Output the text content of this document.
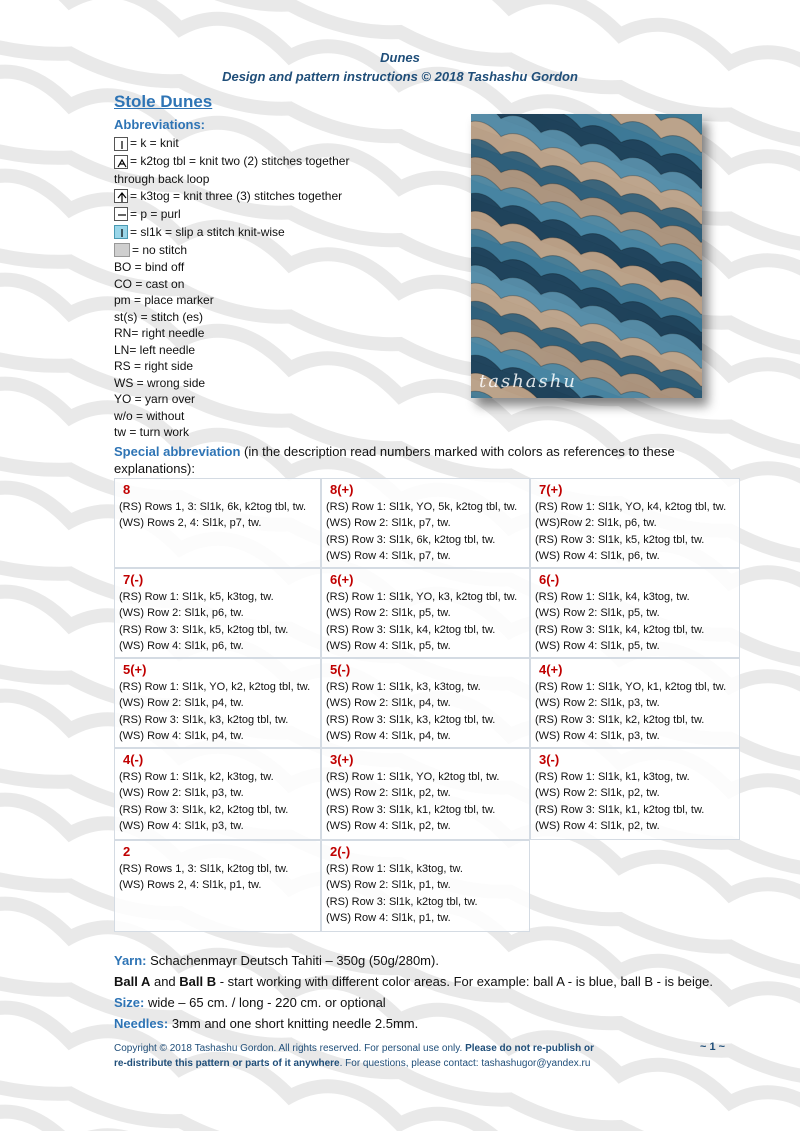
Dunes
Design and pattern instructions © 2018 Tashashu Gordon
Stole Dunes
Abbreviations:
= k = knit
= k2tog tbl = knit two (2) stitches together
through back loop
= k3tog = knit three (3) stitches together
= p = purl
= sl1k = slip a stitch knit-wise
= no stitch
BO = bind off
CO = cast on
pm = place marker
st(s) = stitch (es)
RN= right needle
LN= left needle
RS = right side
WS = wrong side
YO = yarn over
w/o = without
tw = turn work
tashashu
Special abbreviation (in the description read numbers marked with colors as references to these explanations):
8
(RS) Rows 1, 3: Sl1k, 6k, k2tog tbl, tw.
(WS) Rows 2, 4: Sl1k, p7, tw.
8(+)
(RS) Row 1: Sl1k, YO, 5k, k2tog tbl, tw.
(WS) Row 2: Sl1k, p7, tw.
(RS) Row 3: Sl1k, 6k, k2tog tbl, tw.
(WS) Row 4: Sl1k, p7, tw.
7(+)
(RS) Row 1: Sl1k, YO, k4, k2tog tbl, tw.
(WS)Row 2: Sl1k, p6, tw.
(RS) Row 3: Sl1k, k5, k2tog tbl, tw.
(WS) Row 4: Sl1k, p6, tw.
7(-)
(RS) Row 1: Sl1k, k5, k3tog, tw.
(WS) Row 2: Sl1k, p6, tw.
(RS) Row 3: Sl1k, k5, k2tog tbl, tw.
(WS) Row 4: Sl1k, p6, tw.
6(+)
(RS) Row 1: Sl1k, YO, k3, k2tog tbl, tw.
(WS) Row 2: Sl1k, p5, tw.
(RS) Row 3: Sl1k, k4, k2tog tbl, tw.
(WS) Row 4: Sl1k, p5, tw.
6(-)
(RS) Row 1: Sl1k, k4, k3tog, tw.
(WS) Row 2: Sl1k, p5, tw.
(RS) Row 3: Sl1k, k4, k2tog tbl, tw.
(WS) Row 4: Sl1k, p5, tw.
5(+)
(RS) Row 1: Sl1k, YO, k2, k2tog tbl, tw.
(WS) Row 2: Sl1k, p4, tw.
(RS) Row 3: Sl1k, k3, k2tog tbl, tw.
(WS) Row 4: Sl1k, p4, tw.
5(-)
(RS) Row 1: Sl1k, k3, k3tog, tw.
(WS) Row 2: Sl1k, p4, tw.
(RS) Row 3: Sl1k, k3, k2tog tbl, tw.
(WS) Row 4: Sl1k, p4, tw.
4(+)
(RS) Row 1: Sl1k, YO, k1, k2tog tbl, tw.
(WS) Row 2: Sl1k, p3, tw.
(RS) Row 3: Sl1k, k2, k2tog tbl, tw.
(WS) Row 4: Sl1k, p3, tw.
4(-)
(RS) Row 1: Sl1k, k2, k3tog, tw.
(WS) Row 2: Sl1k, p3, tw.
(RS) Row 3: Sl1k, k2, k2tog tbl, tw.
(WS) Row 4: Sl1k, p3, tw.
3(+)
(RS) Row 1: Sl1k, YO, k2tog tbl, tw.
(WS) Row 2: Sl1k, p2, tw.
(RS) Row 3: Sl1k, k1, k2tog tbl, tw.
(WS) Row 4: Sl1k, p2, tw.
3(-)
(RS) Row 1: Sl1k, k1, k3tog, tw.
(WS) Row 2: Sl1k, p2, tw.
(RS) Row 3: Sl1k, k1, k2tog tbl, tw.
(WS) Row 4: Sl1k, p2, tw.
2
(RS) Rows 1, 3: Sl1k, k2tog tbl, tw.
(WS) Rows 2, 4: Sl1k, p1, tw.
2(-)
(RS) Row 1: Sl1k, k3tog, tw.
(WS) Row 2: Sl1k, p1, tw.
(RS) Row 3: Sl1k, k2tog tbl, tw.
(WS) Row 4: Sl1k, p1, tw.
Yarn: Schachenmayr Deutsch Tahiti – 350g (50g/280m).
Ball A and Ball B - start working with different color areas. For example: ball A - is blue, ball B - is beige.
Size: wide – 65 cm. / long - 220 cm. or optional
Needles: 3mm and one short knitting needle 2.5mm.
Copyright © 2018 Tashashu Gordon. All rights reserved. For personal use only. Please do not re-publish or
re-distribute this pattern or parts of it anywhere. For questions, please contact: tashashugor@yandex.ru
~ 1 ~
